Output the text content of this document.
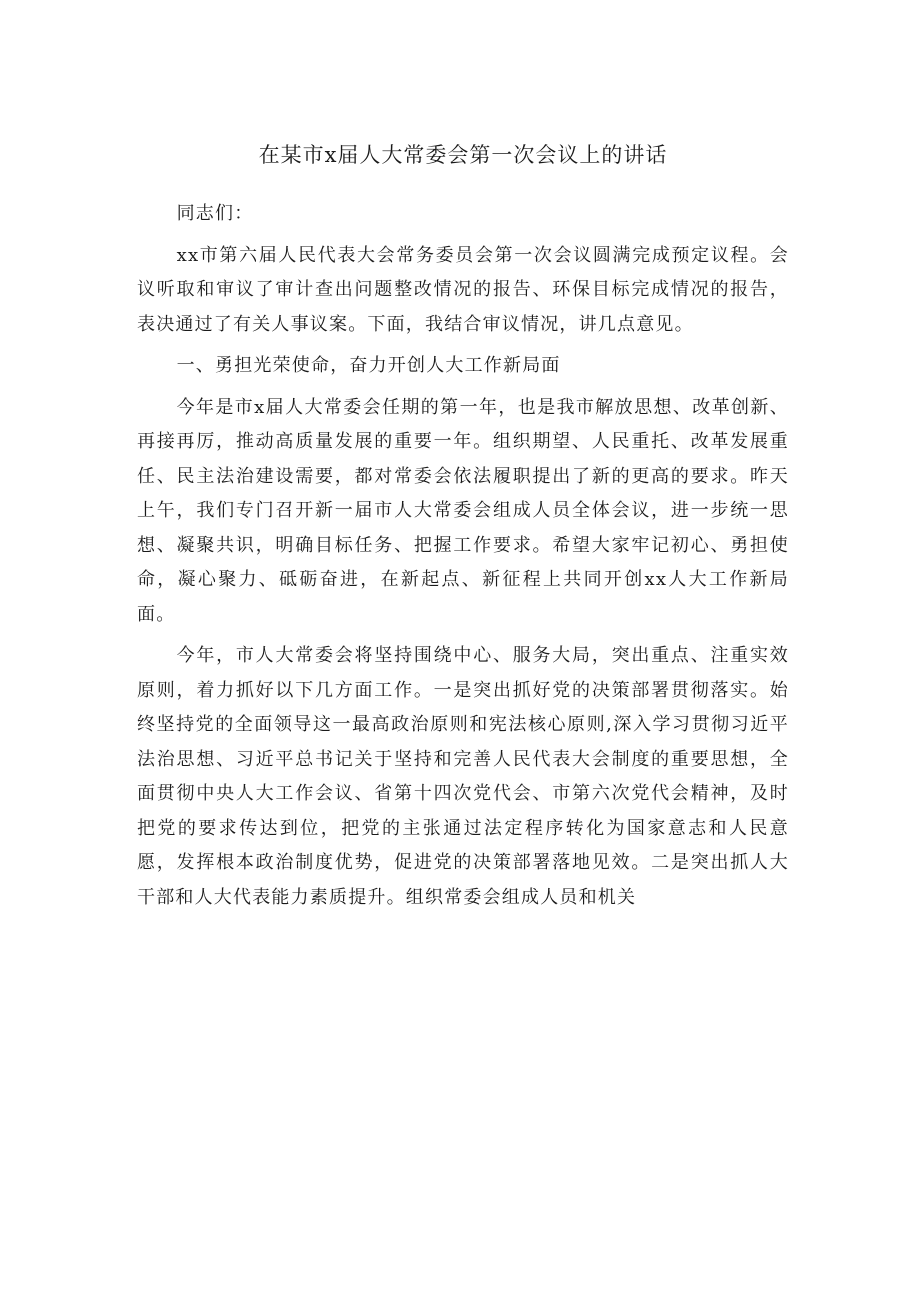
在某市x届人大常委会第一次会议上的讲话

同志们：

xx市第六届人民代表大会常务委员会第一次会议圆满完成预定议程。会议听取和审议了审计查出问题整改情况的报告、环保目标完成情况的报告，表决通过了有关人事议案。下面，我结合审议情况，讲几点意见。

一、勇担光荣使命，奋力开创人大工作新局面

今年是市x届人大常委会任期的第一年，也是我市解放思想、改革创新、再接再厉，推动高质量发展的重要一年。组织期望、人民重托、改革发展重任、民主法治建设需要，都对常委会依法履职提出了新的更高的要求。昨天上午，我们专门召开新一届市人大常委会组成人员全体会议，进一步统一思想、凝聚共识，明确目标任务、把握工作要求。希望大家牢记初心、勇担使命，凝心聚力、砥砺奋进，在新起点、新征程上共同开创xx人大工作新局面。

今年，市人大常委会将坚持围绕中心、服务大局，突出重点、注重实效原则，着力抓好以下几方面工作。一是突出抓好党的决策部署贯彻落实。始终坚持党的全面领导这一最高政治原则和宪法核心原则,深入学习贯彻习近平法治思想、习近平总书记关于坚持和完善人民代表大会制度的重要思想，全面贯彻中央人大工作会议、省第十四次党代会、市第六次党代会精神，及时把党的要求传达到位，把党的主张通过法定程序转化为国家意志和人民意愿，发挥根本政治制度优势，促进党的决策部署落地见效。二是突出抓人大干部和人大代表能力素质提升。组织常委会组成人员和机关
